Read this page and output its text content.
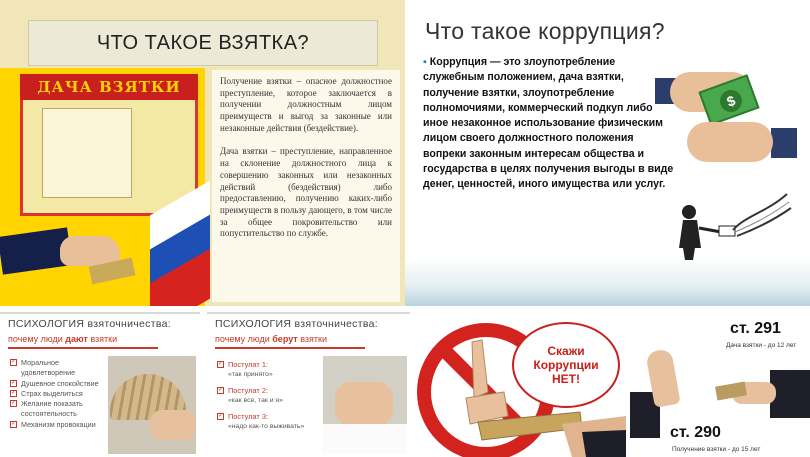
ЧТО ТАКОЕ ВЗЯТКА?
ДАЧА ВЗЯТКИ	Получение взятки – опасное должностное преступление, которое заключается в получении должностным лицом преимуществ и выгод за законные или незаконные действия (бездействие).

Дача взятки – преступление, направленное на склонение должностного лица к совершению законных или незаконных действий (бездействия) либо предоставлению, получению каких-либо преимуществ в пользу дающего, в том числе за общее покровительство или попустительство по службе.

Что такое коррупция?
▪ Коррупция — это злоупотребление служебным положением, дача взятки, получение взятки, злоупотребление полномочиями, коммерческий подкуп либо иное незаконное использование физическим лицом своего должностного положения вопреки законным интересам общества и государства в целях получения выгоды в виде денег, ценностей, иного имущества или услуг.
$
ПСИХОЛОГИЯ взяточничества:
почему люди дают взятки
✓ Моральное удовлетворение
✓ Душевное спокойствие
✓ Страх выделиться
✓ Желание показать состоятельность
✓ Механизм провокации
ПСИХОЛОГИЯ взяточничества:
почему люди берут взятки
✓ Постулат 1:
«так принято»
✓ Постулат 2:
«как все, так и я»
✓ Постулат 3:
«надо как-то выживать»
Скажи
Коррупции
НЕТ!
ст. 291
Дача взятки - до 12 лет
ст. 290
Получение взятки - до 15 лет
